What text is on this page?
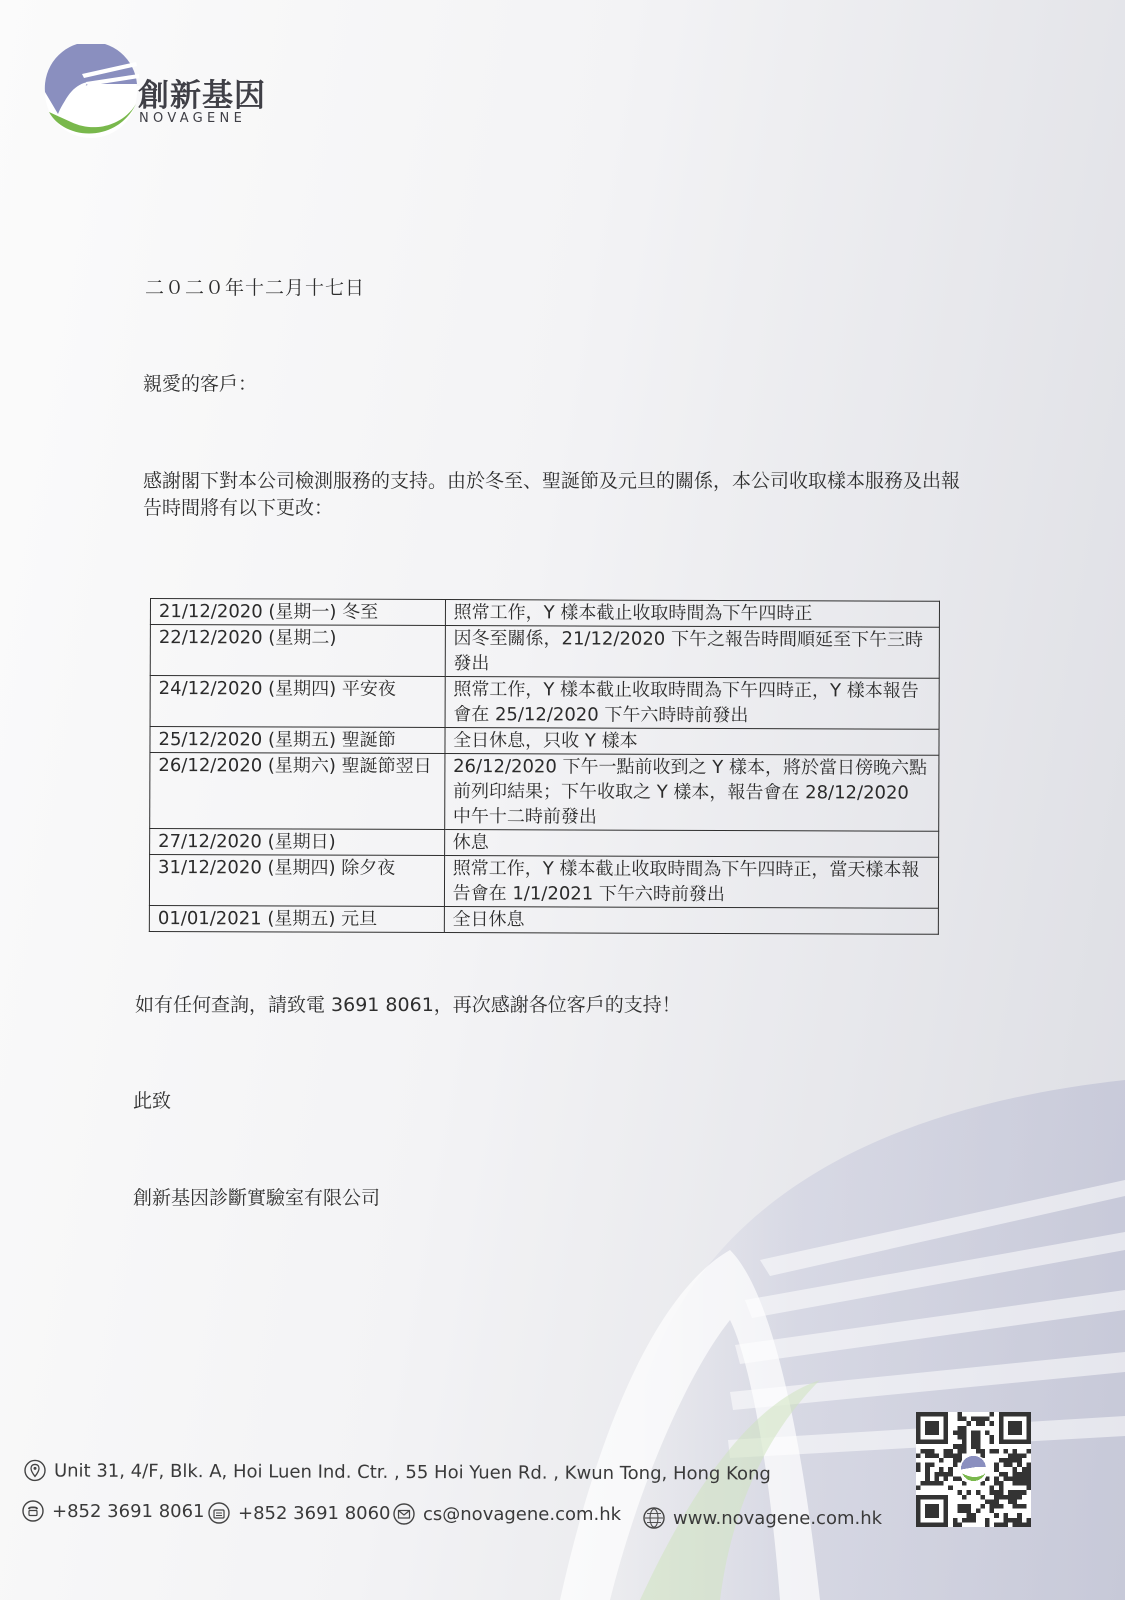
創新基因
NOVAGENE
二０二０年十二月十七日
親愛的客戶：
感謝閣下對本公司檢測服務的支持。由於冬至、聖誕節及元旦的關係，本公司收取樣本服務及出報告時間將有以下更改：
21/12/2020 (星期一) 冬至	照常工作，Y 樣本截止收取時間為下午四時正
22/12/2020 (星期二)	因冬至關係，21/12/2020 下午之報告時間順延至下午三時發出
24/12/2020 (星期四) 平安夜	照常工作，Y 樣本截止收取時間為下午四時正，Y 樣本報告會在 25/12/2020 下午六時時前發出
25/12/2020 (星期五) 聖誕節	全日休息，只收 Y 樣本
26/12/2020 (星期六) 聖誕節翌日	26/12/2020 下午一點前收到之 Y 樣本，將於當日傍晚六點前列印結果；下午收取之 Y 樣本，報告會在 28/12/2020 中午十二時前發出
27/12/2020 (星期日)	休息
31/12/2020 (星期四) 除夕夜	照常工作，Y 樣本截止收取時間為下午四時正，當天樣本報告會在 1/1/2021 下午六時前發出
01/01/2021 (星期五) 元旦	全日休息
如有任何查詢，請致電 3691 8061，再次感謝各位客戶的支持！
此致
創新基因診斷實驗室有限公司
Unit 31, 4/F, Blk. A, Hoi Luen Ind. Ctr. , 55 Hoi Yuen Rd. , Kwun Tong, Hong Kong
+852 3691 8061 +852 3691 8060 cs@novagene.com.hk	www.novagene.com.hk
